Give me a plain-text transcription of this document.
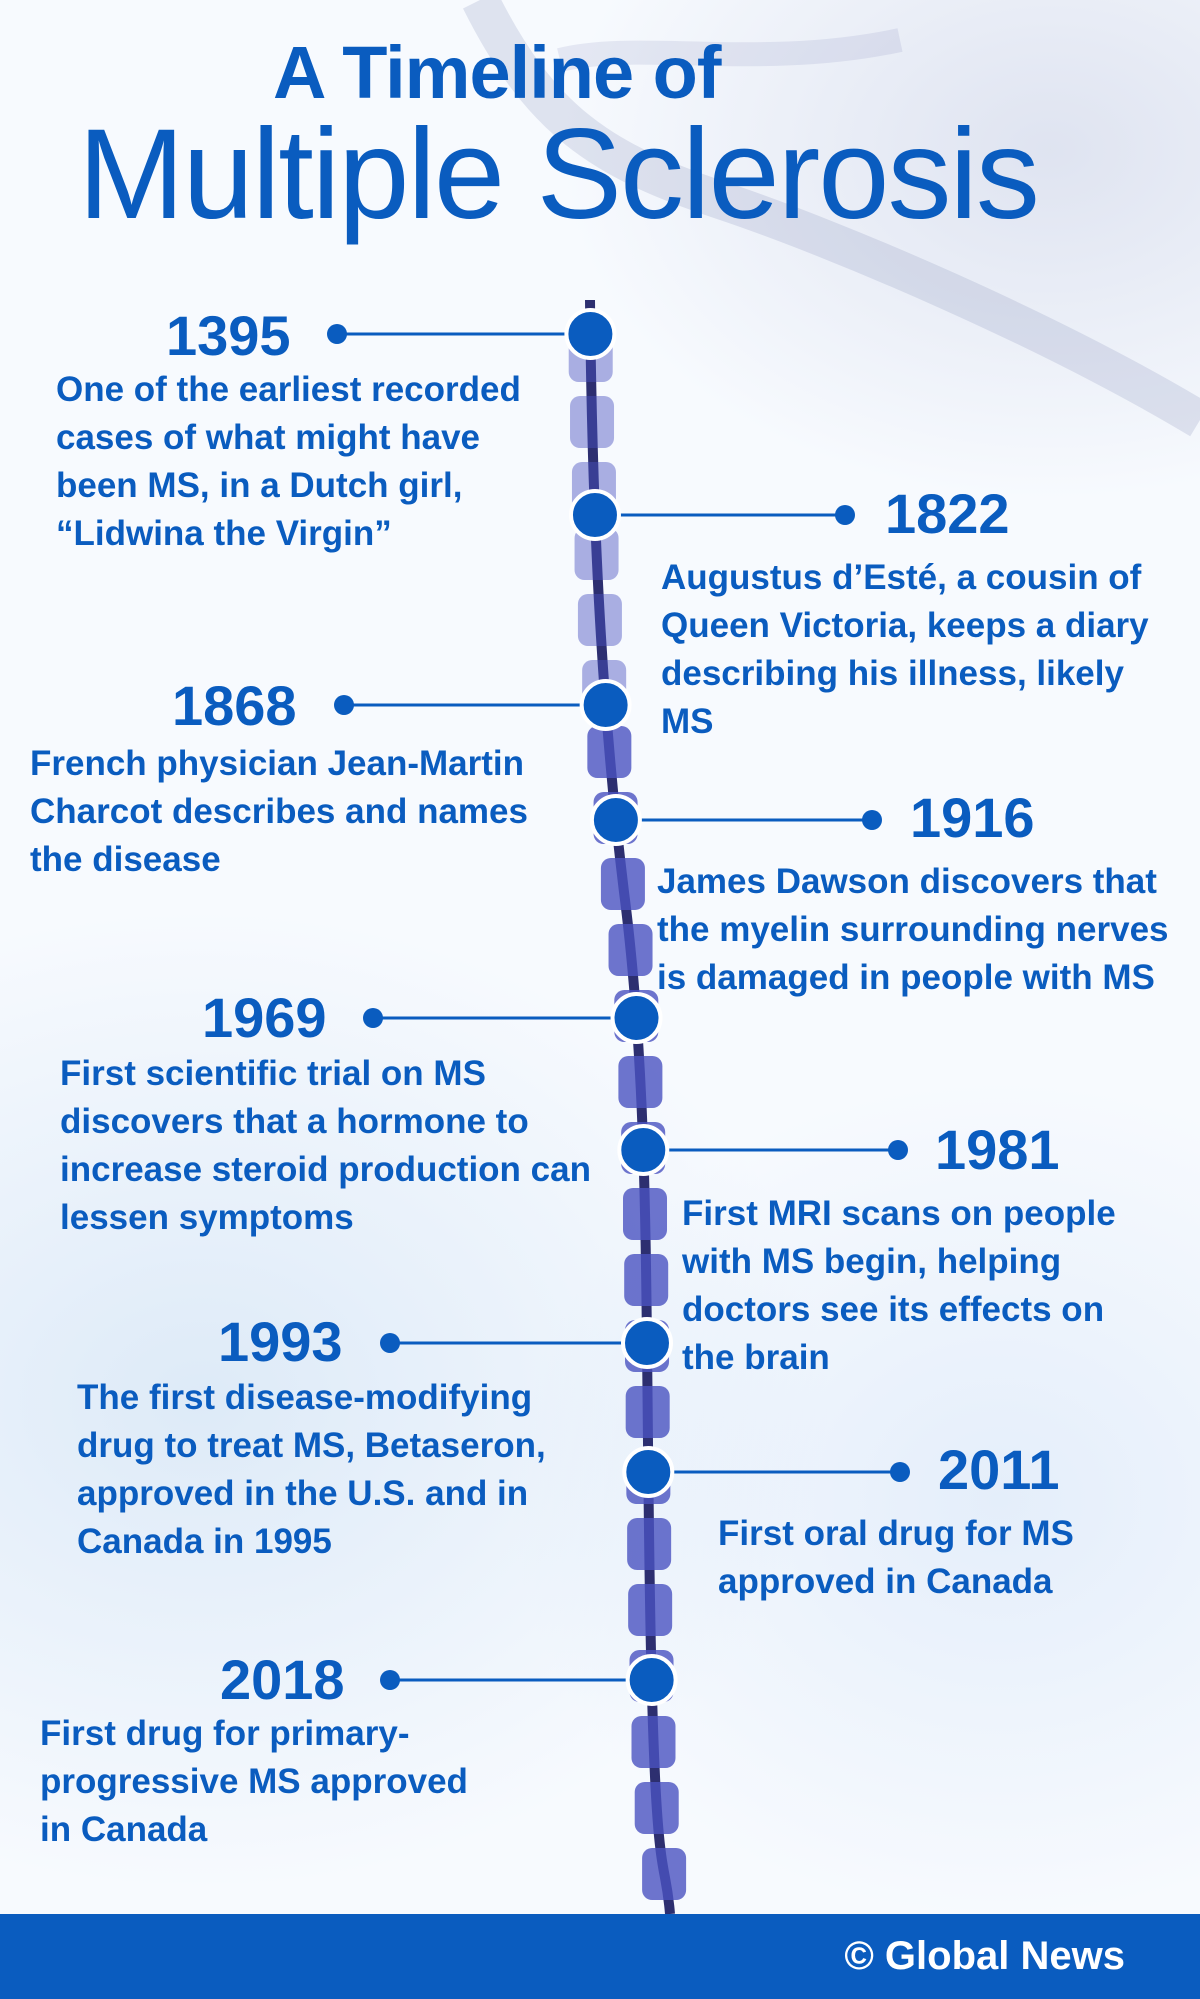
A Timeline of
Multiple Sclerosis
1395
One of the earliest recorded cases of what might have been MS, in a Dutch girl, “Lidwina the Virgin”	1822
Augustus d’Esté, a cousin of Queen Victoria, keeps a diary describing his illness, likely MS
1868
French physician Jean-Martin Charcot describes and names the disease
1916
James Dawson discovers that the myelin surrounding nerves is damaged in people with MS
1969
First scientific trial on MS discovers that a hormone to increase steroid production can lessen symptoms
1981
First MRI scans on people with MS begin, helping doctors see its effects on the brain
1993
The first disease-modifying drug to treat MS, Betaseron, approved in the U.S. and in Canada in 1995
2011
First oral drug for MS approved in Canada
2018
First drug for primary-progressive MS approved in Canada
© Global News
